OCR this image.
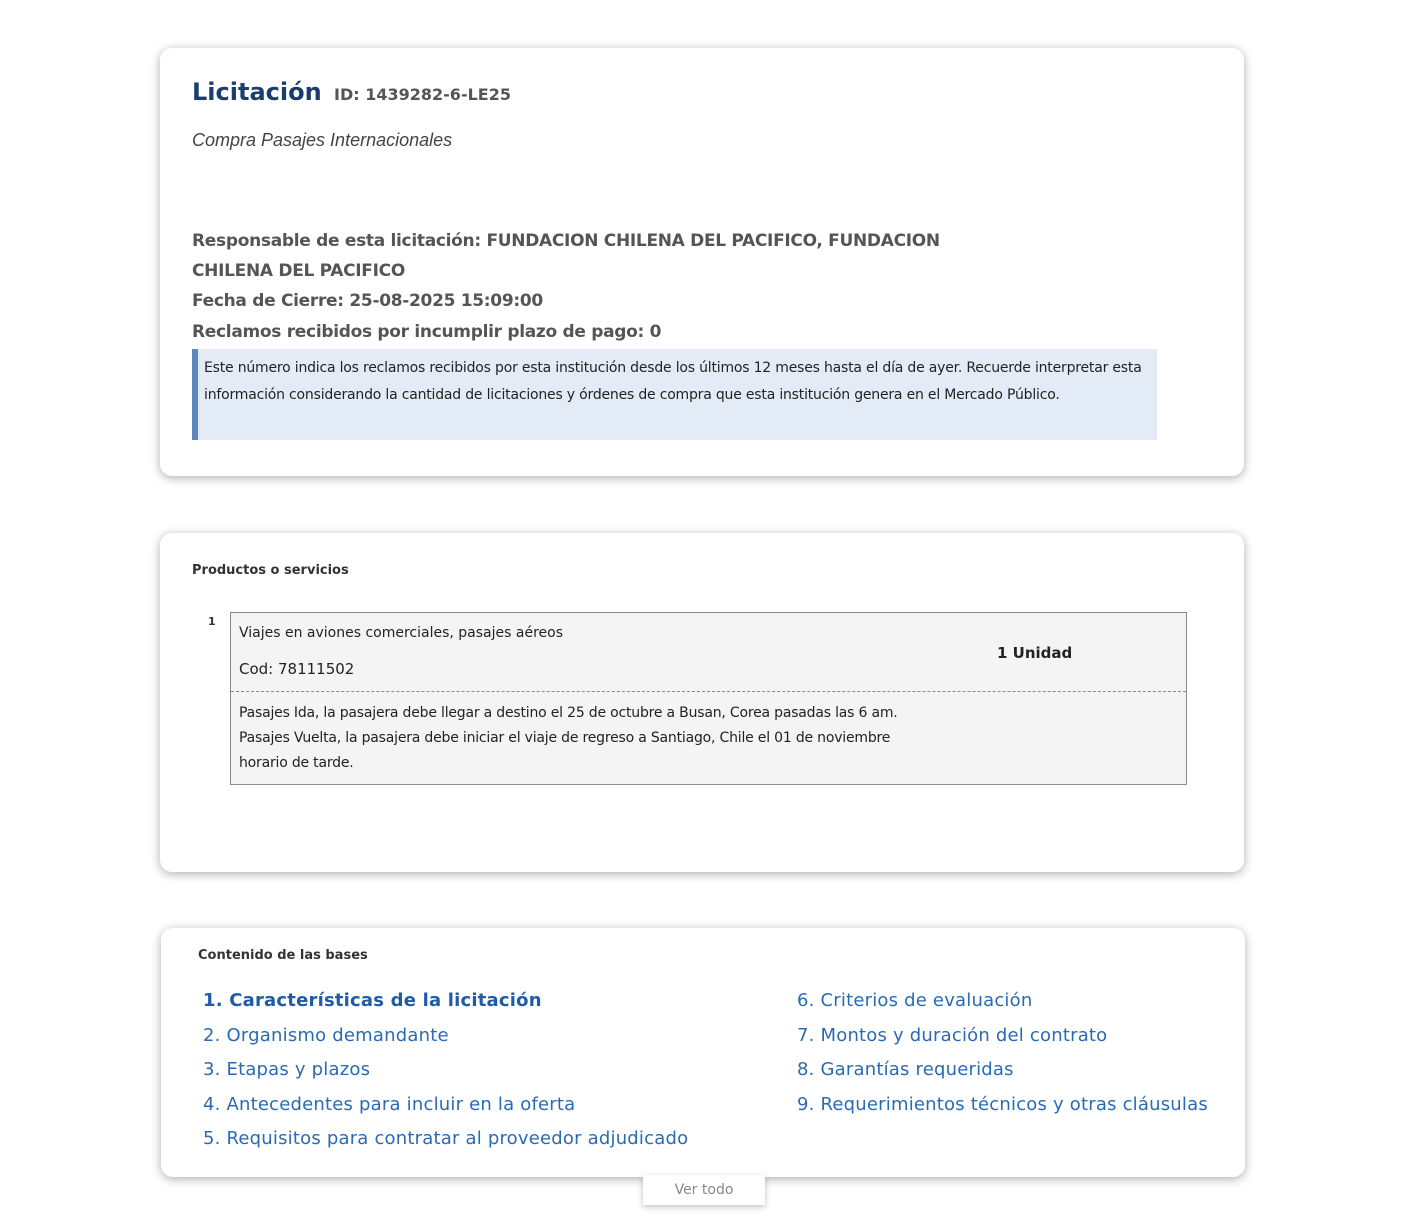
Licitación ID: 1439282-6-LE25
Compra Pasajes Internacionales
Responsable de esta licitación: FUNDACION CHILENA DEL PACIFICO, FUNDACION
CHILENA DEL PACIFICO
Fecha de Cierre: 25-08-2025 15:09:00
Reclamos recibidos por incumplir plazo de pago: 0
Este número indica los reclamos recibidos por esta institución desde los últimos 12 meses hasta el día de ayer. Recuerde interpretar esta información considerando la cantidad de licitaciones y órdenes de compra que esta institución genera en el Mercado Público.
Productos o servicios
1
Viajes en aviones comerciales, pasajes aéreos
Cod: 78111502
1 Unidad
Pasajes Ida, la pasajera debe llegar a destino el 25 de octubre a Busan, Corea pasadas las 6 am.
Pasajes Vuelta, la pasajera debe iniciar el viaje de regreso a Santiago, Chile el 01 de noviembre
horario de tarde.
Contenido de las bases
1. Características de la licitación
2. Organismo demandante
3. Etapas y plazos
4. Antecedentes para incluir en la oferta
5. Requisitos para contratar al proveedor adjudicado
6. Criterios de evaluación
7. Montos y duración del contrato
8. Garantías requeridas
9. Requerimientos técnicos y otras cláusulas
Ver todo
